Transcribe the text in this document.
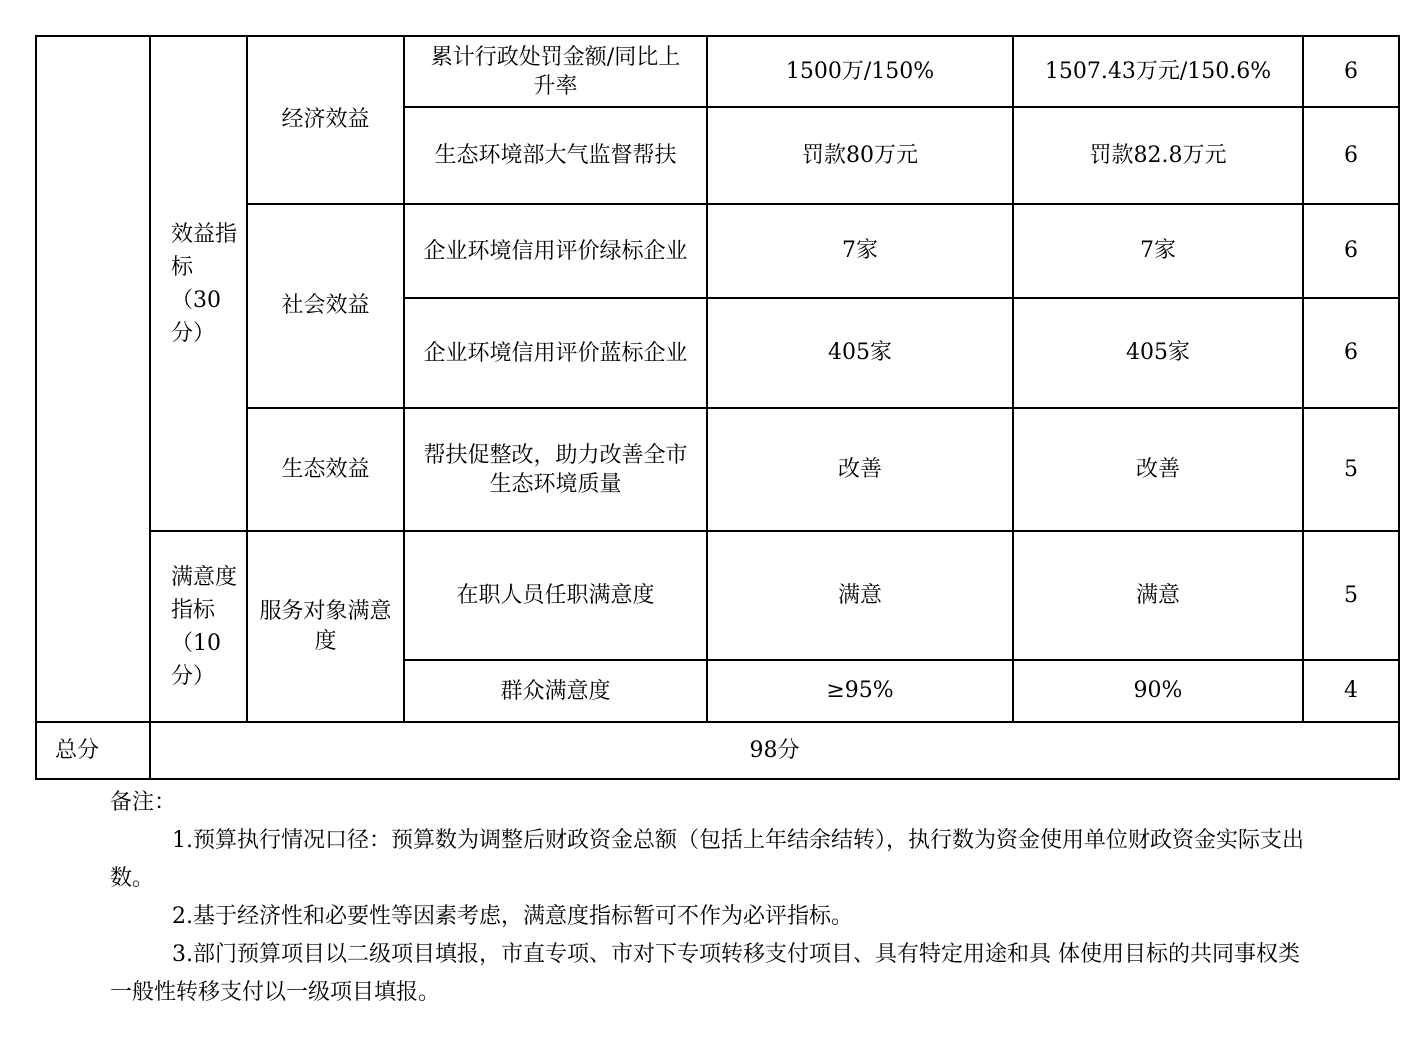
	效益指标（30分）	经济效益	累计行政处罚金额/同比上升率	1500万/150%	1507.43万元/150.6%	6
			生态环境部大气监督帮扶	罚款80万元	罚款82.8万元	6
		社会效益	企业环境信用评价绿标企业	7家	7家	6
			企业环境信用评价蓝标企业	405家	405家	6
		生态效益	帮扶促整改，助力改善全市生态环境质量	改善	改善	5
	满意度指标（10分）	服务对象满意度	在职人员任职满意度	满意	满意	5
			群众满意度	≥95%	90%	4
总分	98分					

备注：

1.预算执行情况口径：预算数为调整后财政资金总额（包括上年结余结转），执行数为资金使用单位财政资金实际支出数。

2.基于经济性和必要性等因素考虑，满意度指标暂可不作为必评指标。

3.部门预算项目以二级项目填报，市直专项、市对下专项转移支付项目、具有特定用途和具 体使用目标的共同事权类一般性转移支付以一级项目填报。
